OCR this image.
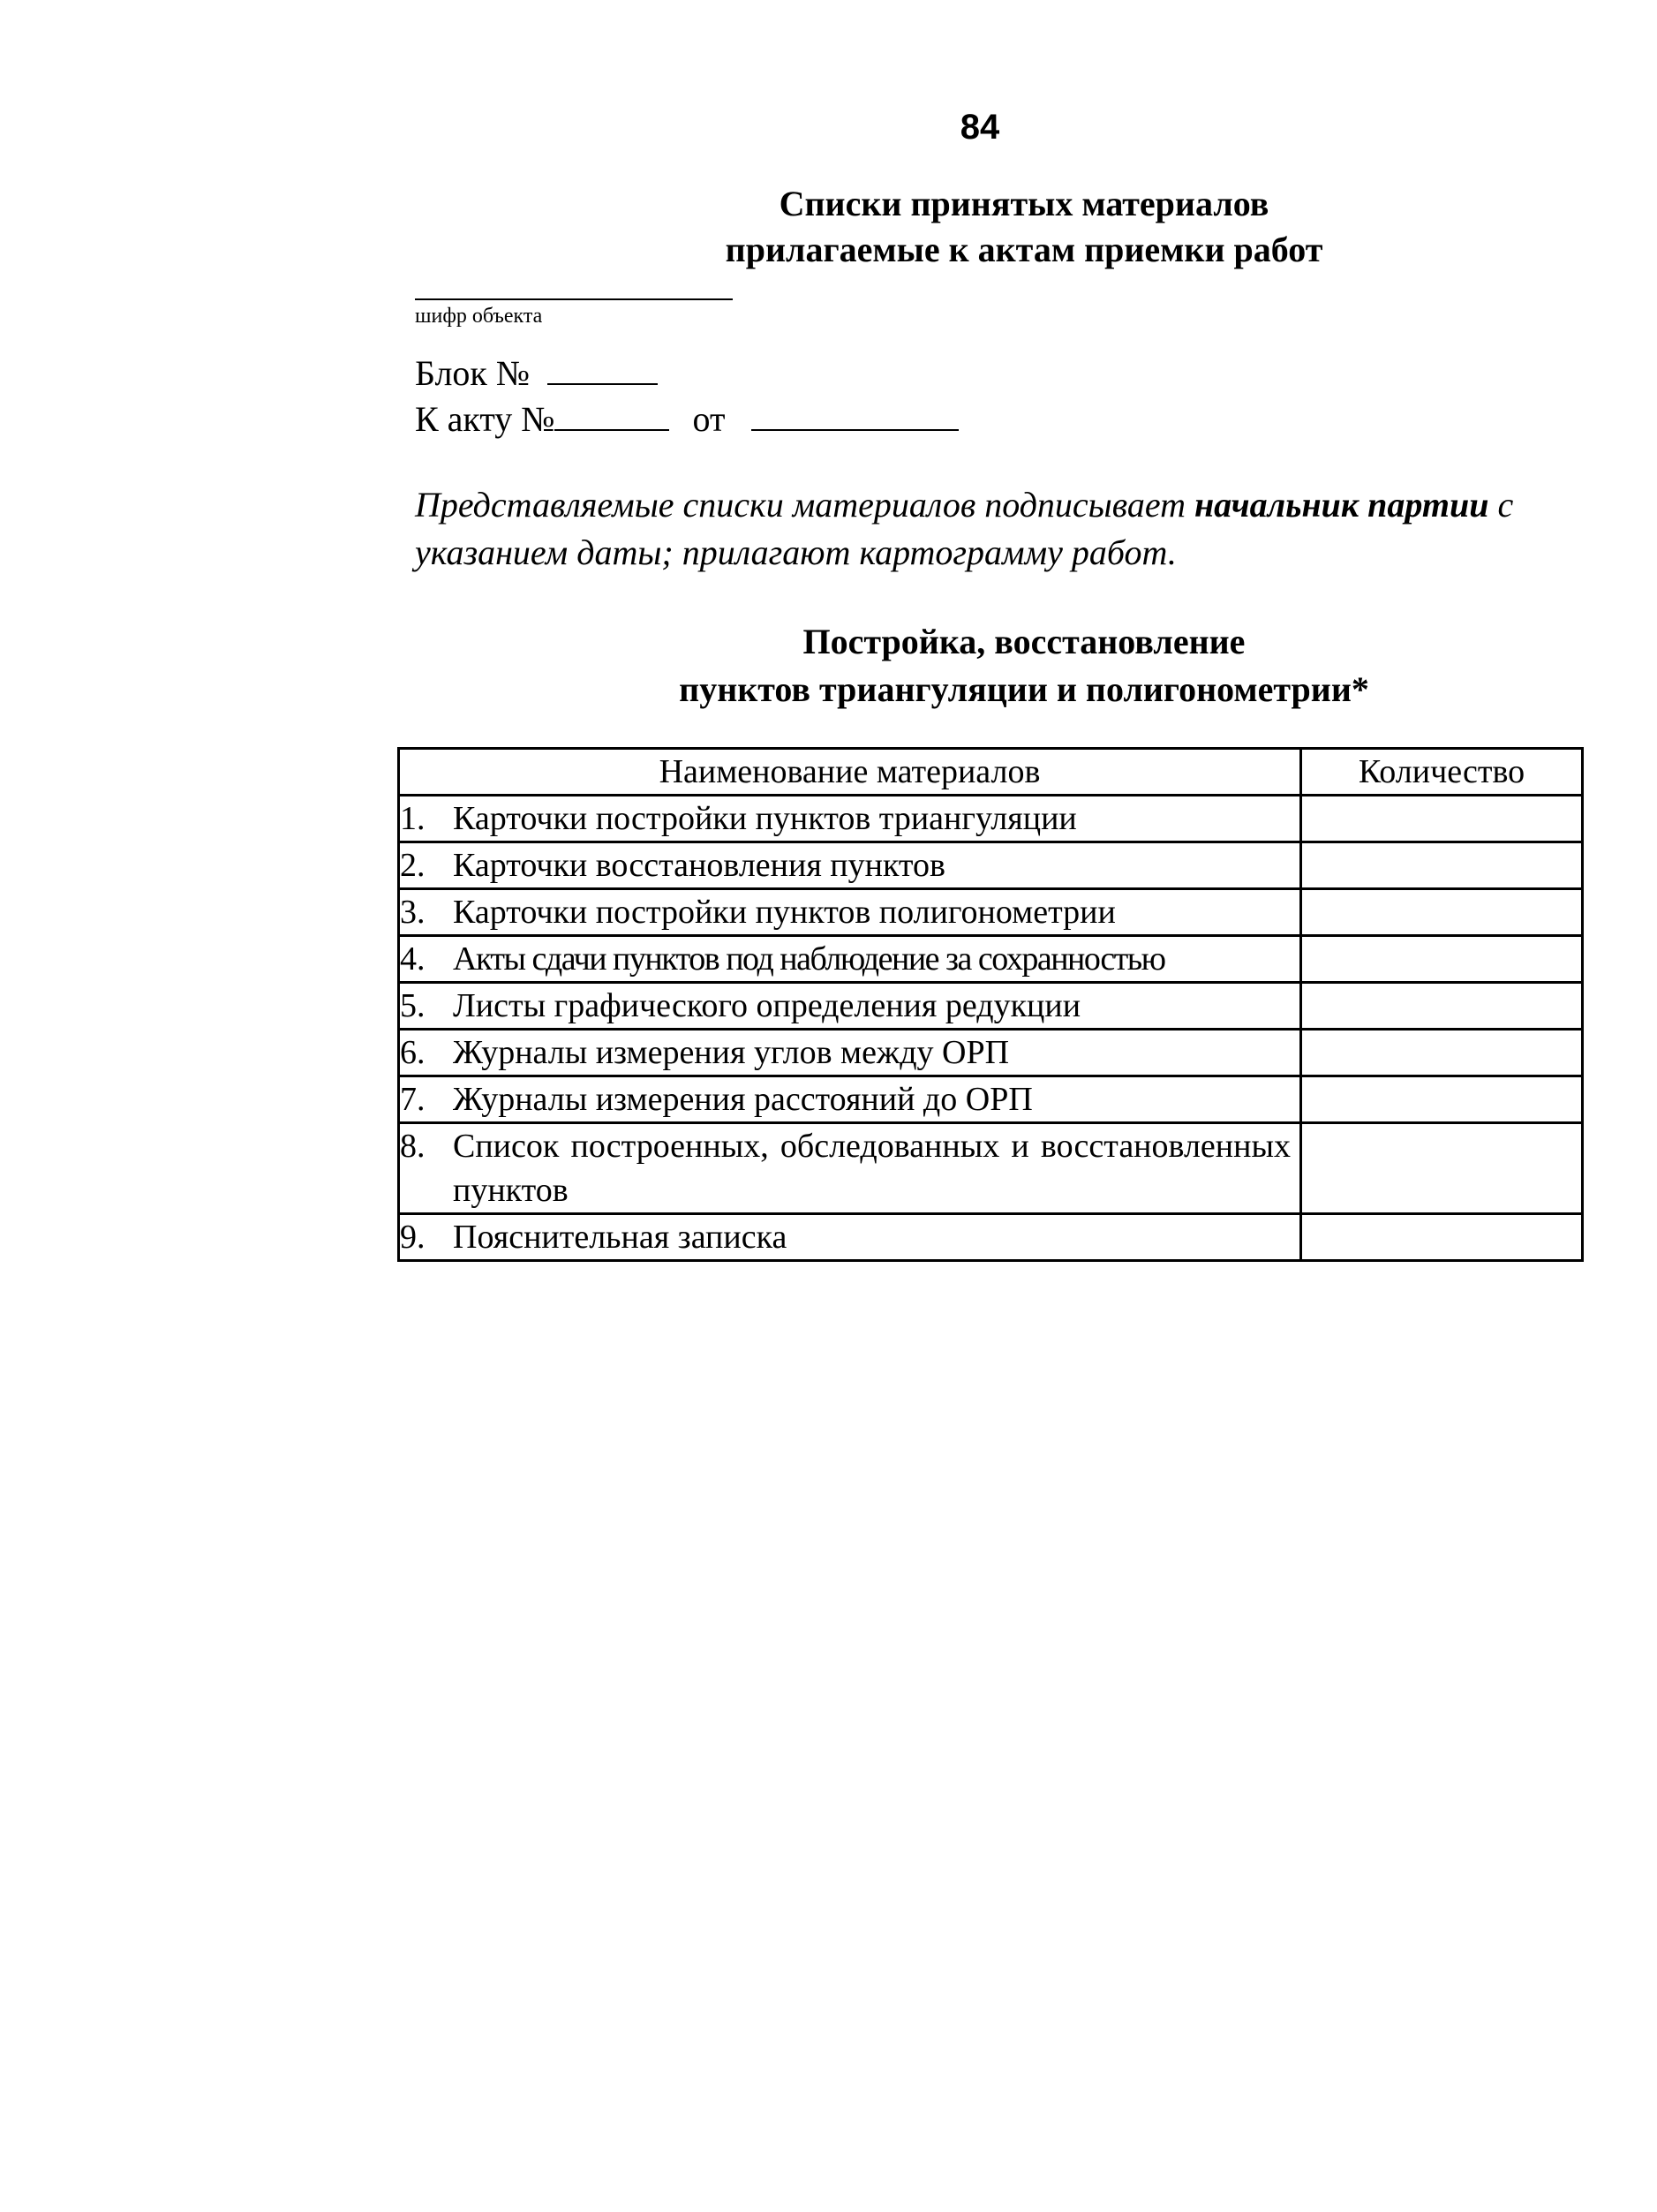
84
Списки принятых материалов
прилагаемые к актам приемки работ
шифр объекта
Блок №
К акту №	от
Представляемые списки материалов подписывает начальник партии с указанием даты; прилагают картограмму работ.
Постройка, восстановление
пунктов триангуляции и полигонометрии*
Наименование материалов	Количество

1. Карточки постройки пунктов триангуляции	

2. Карточки восстановления пунктов	

3. Карточки постройки пунктов полигонометрии	

4. Акты сдачи пунктов под наблюдение за сохранностью	

5. Листы графического определения редукции	

6. Журналы измерения углов между ОРП	

7. Журналы измерения расстояний до ОРП	

8. Список построенных, обследованных и восстановленных пунктов	

9. Пояснительная записка	
